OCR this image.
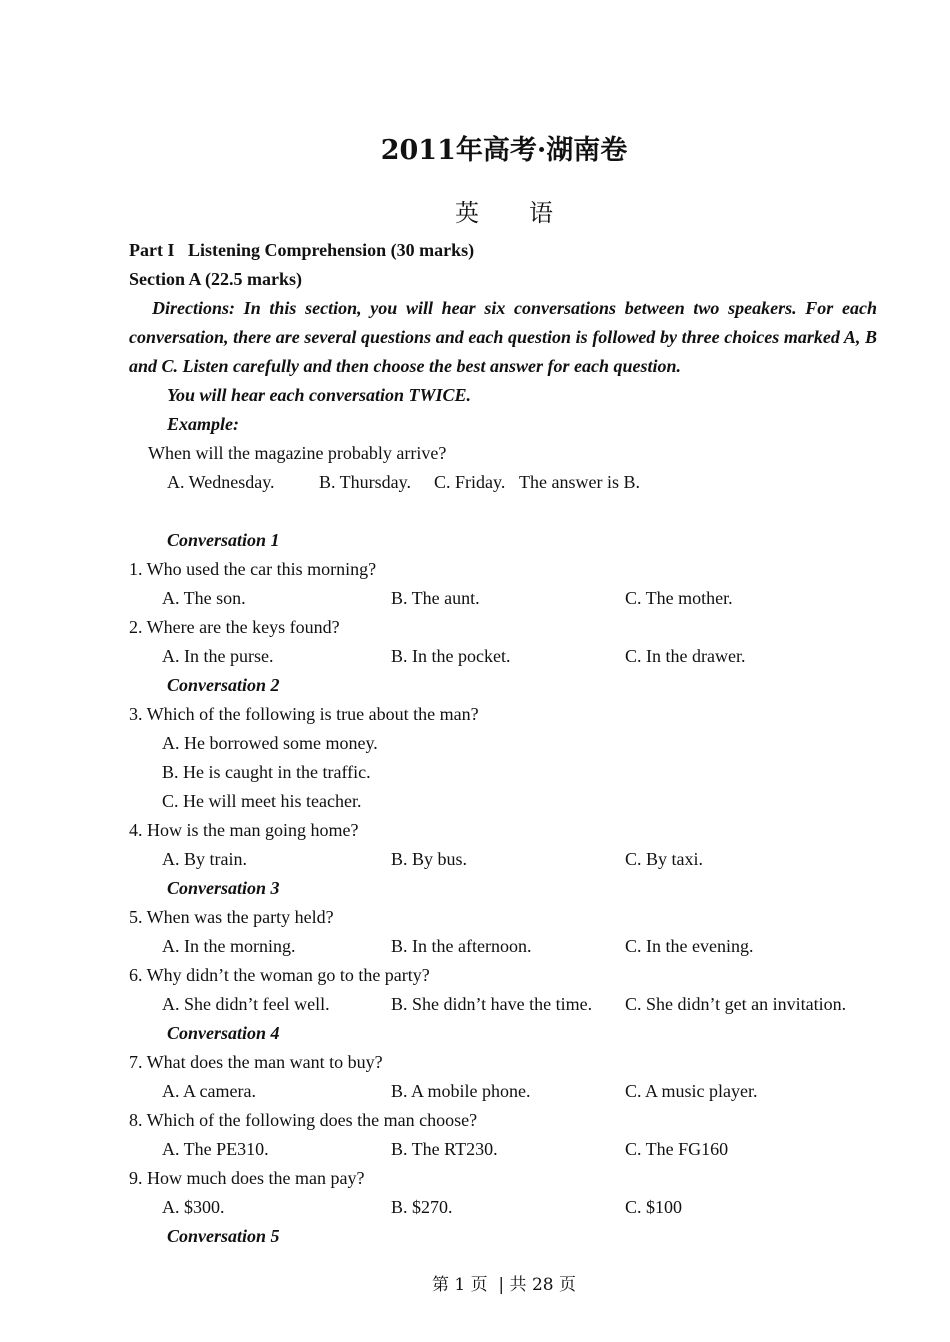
2011年高考·湖南卷
英语
Part I   Listening Comprehension (30 marks)
Section A (22.5 marks)
Directions: In this section, you will hear six conversations between two speakers. For each conversation, there are several questions and each question is followed by three choices marked A, B and C. Listen carefully and then choose the best answer for each question.
You will hear each conversation TWICE.
Example:
When will the magazine probably arrive?
A. Wednesday. B. Thursday. C. Friday. The answer is B.
Conversation 1
1. Who used the car this morning?
A. The son.	B. The aunt.	C. The mother.
2. Where are the keys found?
A. In the purse.	B. In the pocket.	C. In the drawer.
Conversation 2
3. Which of the following is true about the man?
A. He borrowed some money.
B. He is caught in the traffic.
C. He will meet his teacher.
4. How is the man going home?
A. By train.	B. By bus.	C. By taxi.
Conversation 3
5. When was the party held?
A. In the morning.	B. In the afternoon.	C. In the evening.
6. Why didn’t the woman go to the party?
A. She didn’t feel well.	B. She didn’t have the time. C. She didn’t get an invitation.
Conversation 4
7. What does the man want to buy?
A. A camera.	B. A mobile phone.	C. A music player.
8. Which of the following does the man choose?
A. The PE310.	B. The RT230.	C. The FG160
9. How much does the man pay?
A. $300.	B. $270.	C. $100
Conversation 5
第 1 页  | 共 28 页
